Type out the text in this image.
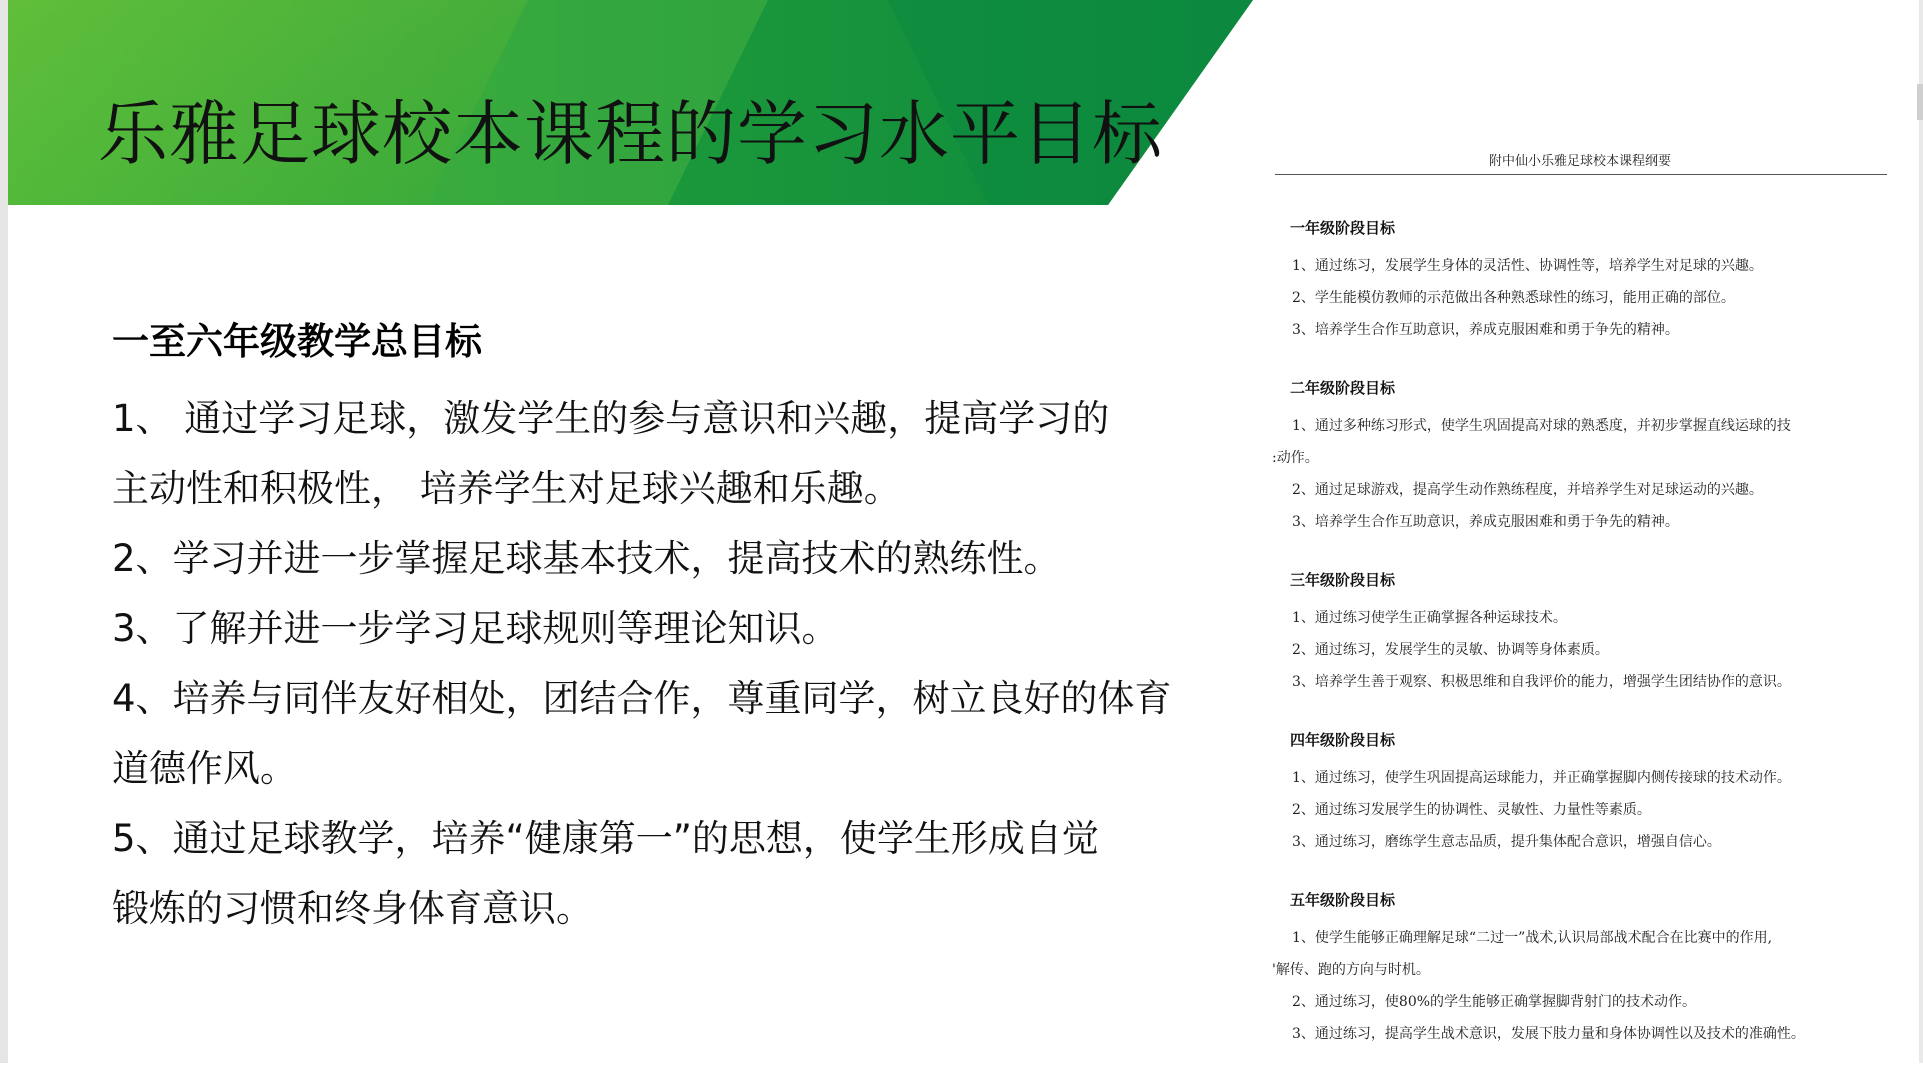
乐雅足球校本课程的学习水平目标
一至六年级教学总目标
1、 通过学习足球，激发学生的参与意识和兴趣，提高学习的
主动性和积极性， 培养学生对足球兴趣和乐趣。
2、学习并进一步掌握足球基本技术，提高技术的熟练性。
3、了解并进一步学习足球规则等理论知识。
4、培养与同伴友好相处，团结合作，尊重同学，树立良好的体育
道德作风。
5、通过足球教学，培养“健康第一”的思想，使学生形成自觉
锻炼的习惯和终身体育意识。
附中仙小乐雅足球校本课程纲要
一年级阶段目标
1、通过练习，发展学生身体的灵活性、协调性等，培养学生对足球的兴趣。
2、学生能模仿教师的示范做出各种熟悉球性的练习，能用正确的部位。
3、培养学生合作互助意识，养成克服困难和勇于争先的精神。
二年级阶段目标
1、通过多种练习形式，使学生巩固提高对球的熟悉度，并初步掌握直线运球的技
:动作。
2、通过足球游戏，提高学生动作熟练程度，并培养学生对足球运动的兴趣。
3、培养学生合作互助意识，养成克服困难和勇于争先的精神。
三年级阶段目标
1、通过练习使学生正确掌握各种运球技术。
2、通过练习，发展学生的灵敏、协调等身体素质。
3、培养学生善于观察、积极思维和自我评价的能力，增强学生团结协作的意识。
四年级阶段目标
1、通过练习，使学生巩固提高运球能力，并正确掌握脚内侧传接球的技术动作。
2、通过练习发展学生的协调性、灵敏性、力量性等素质。
3、通过练习，磨练学生意志品质，提升集体配合意识，增强自信心。
五年级阶段目标
1、使学生能够正确理解足球“二过一”战术,认识局部战术配合在比赛中的作用,
'解传、跑的方向与时机。
2、通过练习，使80%的学生能够正确掌握脚背射门的技术动作。
3、通过练习，提高学生战术意识，发展下肢力量和身体协调性以及技术的准确性。
